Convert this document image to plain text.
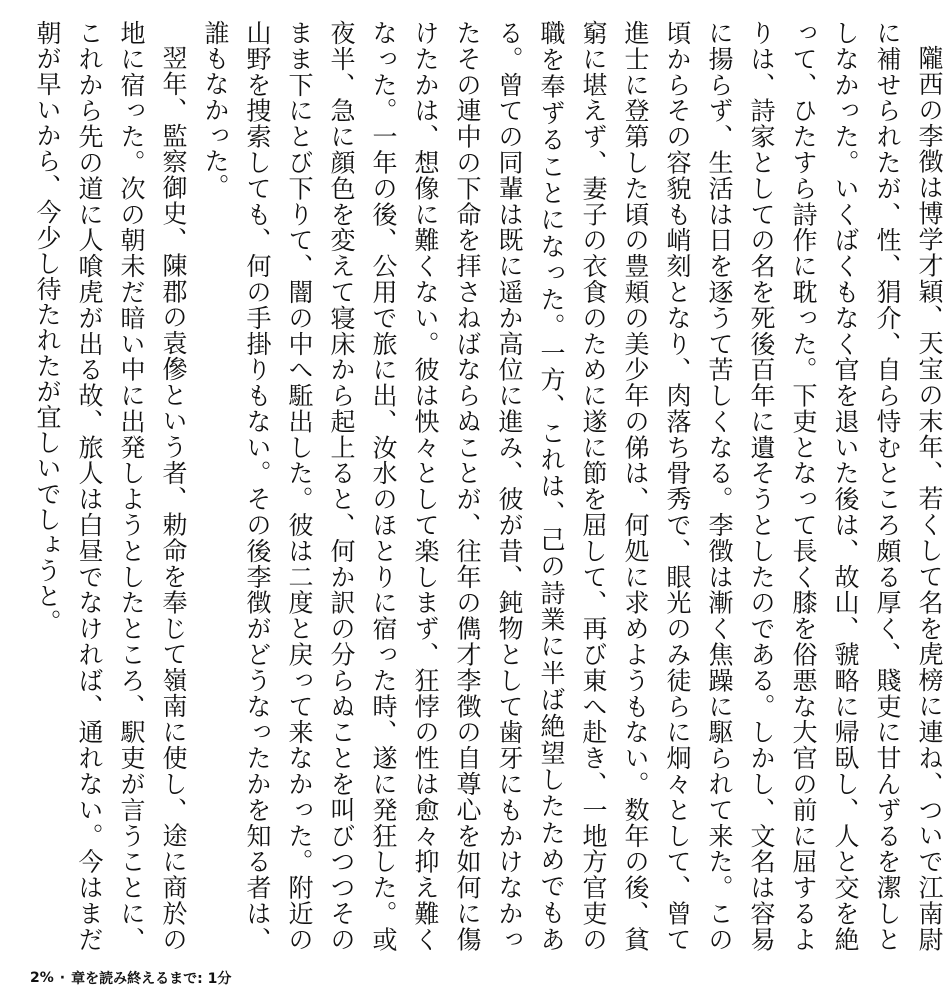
隴西の李徴は博学才穎、天宝の末年、若くして名を虎榜に連ね、ついで江南尉に補せられたが、性、狷介、自ら恃むところ頗る厚く、賤吏に甘んずるを潔しとしなかった。いくばくもなく官を退いた後は、故山、虢略に帰臥し、人と交を絶って、ひたすら詩作に耽った。下吏となって長く膝を俗悪な大官の前に屈するよりは、詩家としての名を死後百年に遺そうとしたのである。しかし、文名は容易に揚らず、生活は日を逐うて苦しくなる。李徴は漸く焦躁に駆られて来た。この頃からその容貌も峭刻となり、肉落ち骨秀で、眼光のみ徒らに炯々として、曾て進士に登第した頃の豊頬の美少年の俤は、何処に求めようもない。数年の後、貧窮に堪えず、妻子の衣食のために遂に節を屈して、再び東へ赴き、一地方官吏の職を奉ずることになった。一方、これは、己の詩業に半ば絶望したためでもある。曾ての同輩は既に遥か高位に進み、彼が昔、鈍物として歯牙にもかけなかったその連中の下命を拝さねばならぬことが、往年の儁才李徴の自尊心を如何に傷けたかは、想像に難くない。彼は怏々として楽しまず、狂悖の性は愈々抑え難くなった。一年の後、公用で旅に出、汝水のほとりに宿った時、遂に発狂した。或夜半、急に顔色を変えて寝床から起上ると、何か訳の分らぬことを叫びつつそのまま下にとび下りて、闇の中へ駈出した。彼は二度と戻って来なかった。附近の山野を捜索しても、何の手掛りもない。その後李徴がどうなったかを知る者は、誰もなかった。

翌年、監察御史、陳郡の袁傪という者、勅命を奉じて嶺南に使し、途に商於の地に宿った。次の朝未だ暗い中に出発しようとしたところ、駅吏が言うことに、これから先の道に人喰虎が出る故、旅人は白昼でなければ、通れない。今はまだ朝が早いから、今少し待たれたが宜しいでしょうと。

2% · 章を読み終えるまで: 1分
